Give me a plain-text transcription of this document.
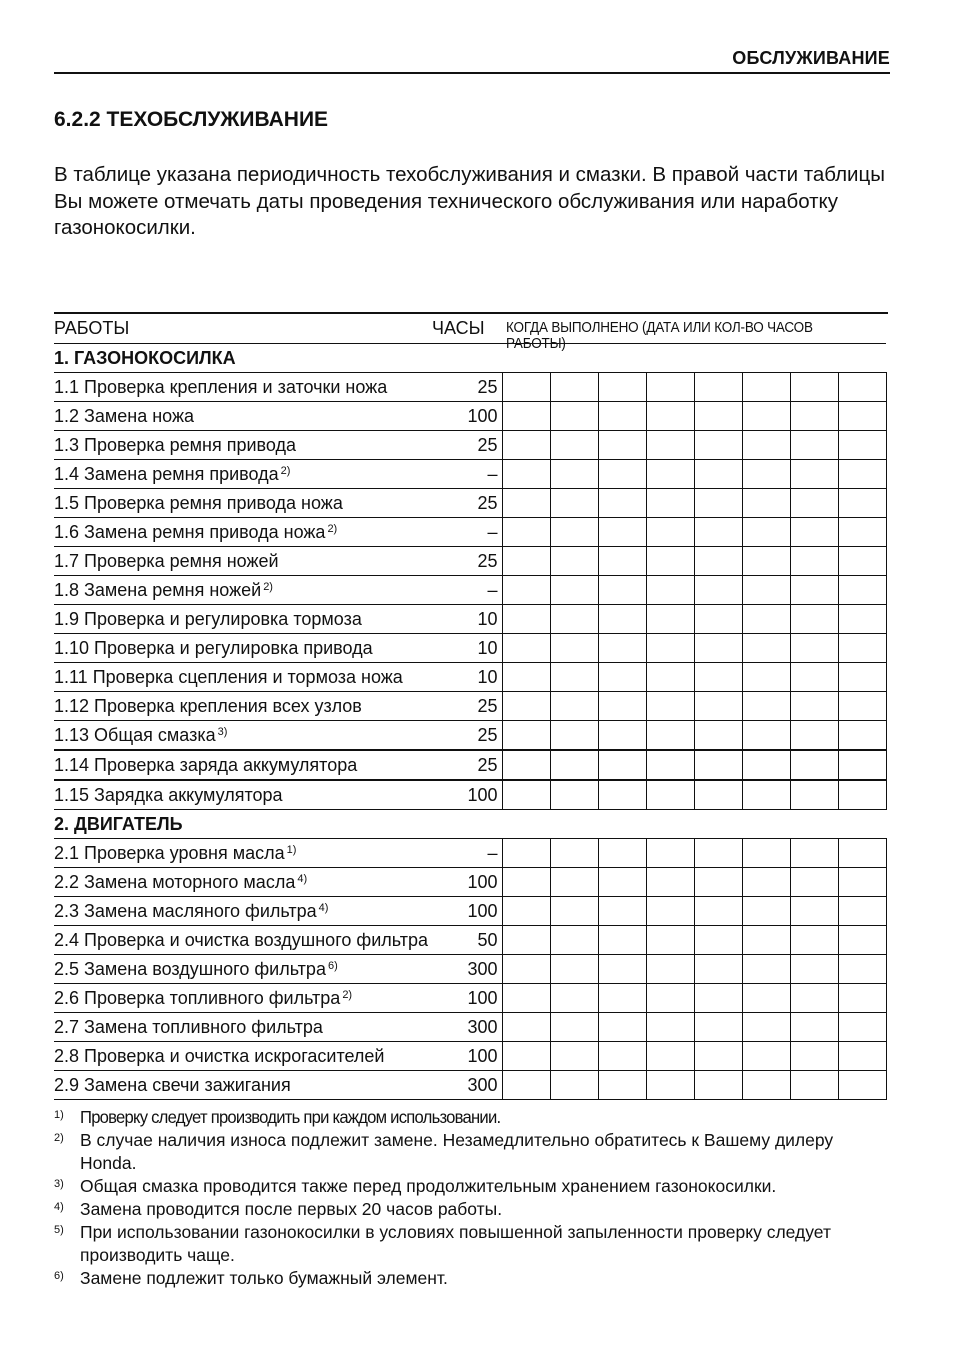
ОБСЛУЖИВАНИЕ
6.2.2 ТЕХОБСЛУЖИВАНИЕ
В таблице указана периодичность техобслуживания и смазки. В правой части таблицы Вы можете отмечать даты проведения технического обслуживания или наработку газонокосилки.
РАБОТЫ	ЧАСЫ КОГДА ВЫПОЛНЕНО (ДАТА ИЛИ КОЛ-ВО ЧАСОВ РАБОТЫ)
1. ГАЗОНОКОСИЛКА									
1.1 Проверка крепления и заточки ножа	25								
1.2 Замена ножа	100								
1.3 Проверка ремня привода	25								
1.4 Замена ремня привода $^{2)}$	–								
1.5 Проверка ремня привода ножа	25								
1.6 Замена ремня привода ножа $^{2)}$	–								
1.7 Проверка ремня ножей	25								
1.8 Замена ремня ножей $^{2)}$	–								
1.9 Проверка и регулировка тормоза	10								
1.10 Проверка и регулировка привода	10								
1.11 Проверка сцепления и тормоза ножа	10								
1.12 Проверка крепления всех узлов	25								
1.13 Общая смазка $^{3)}$	25								
1.14 Проверка заряда аккумулятора	25								
1.15 Зарядка аккумулятора	100								
2. ДВИГАТЕЛЬ									
2.1 Проверка уровня масла $^{1)}$	–								
2.2 Замена моторного масла $^{4)}$	100								
2.3 Замена масляного фильтра $^{4)}$	100								
2.4 Проверка и очистка воздушного фильтра	50								
2.5 Замена воздушного фильтра $^{6)}$	300								
2.6 Проверка топливного фильтра $^{2)}$	100								
2.7 Замена топливного фильтра	300								
2.8 Проверка и очистка искрогасителей	100								
2.9 Замена свечи зажигания	300								
1) Проверку следует производить при каждом использовании.
2) В случае наличия износа подлежит замене. Незамедлительно обратитесь к Вашему дилеру Honda.
3) Общая смазка проводится также перед продолжительным хранением газонокосилки.
4) Замена проводится после первых 20 часов работы.
5) При использовании газонокосилки в условиях повышенной запыленности проверку следует производить чаще.
6) Замене подлежит только бумажный элемент.
